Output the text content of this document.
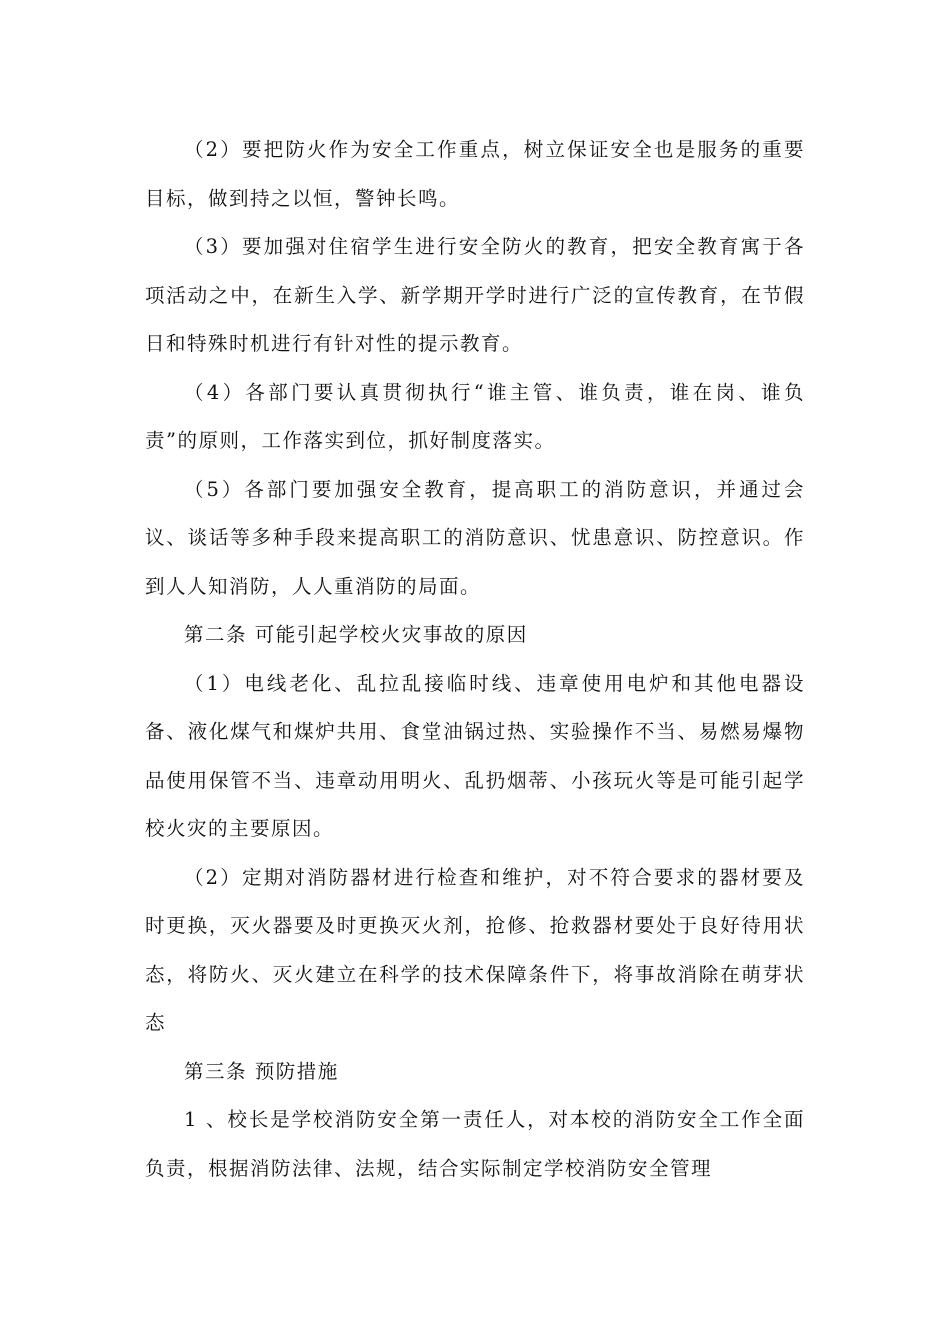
（2）要把防火作为安全工作重点，树立保证安全也是服务的重要目标，做到持之以恒，警钟长鸣。

（3）要加强对住宿学生进行安全防火的教育，把安全教育寓于各项活动之中，在新生入学、新学期开学时进行广泛的宣传教育，在节假日和特殊时机进行有针对性的提示教育。

（4）各部门要认真贯彻执行“谁主管、谁负责，谁在岗、谁负责”的原则，工作落实到位，抓好制度落实。

（5）各部门要加强安全教育，提高职工的消防意识，并通过会议、谈话等多种手段来提高职工的消防意识、忧患意识、防控意识。作到人人知消防，人人重消防的局面。

第二条 可能引起学校火灾事故的原因

（1）电线老化、乱拉乱接临时线、违章使用电炉和其他电器设备、液化煤气和煤炉共用、食堂油锅过热、实验操作不当、易燃易爆物品使用保管不当、违章动用明火、乱扔烟蒂、小孩玩火等是可能引起学校火灾的主要原因。

（2）定期对消防器材进行检查和维护，对不符合要求的器材要及时更换，灭火器要及时更换灭火剂，抢修、抢救器材要处于良好待用状态，将防火、灭火建立在科学的技术保障条件下，将事故消除在萌芽状态

第三条 预防措施

1 、校长是学校消防安全第一责任人，对本校的消防安全工作全面负责，根据消防法律、法规，结合实际制定学校消防安全管理
